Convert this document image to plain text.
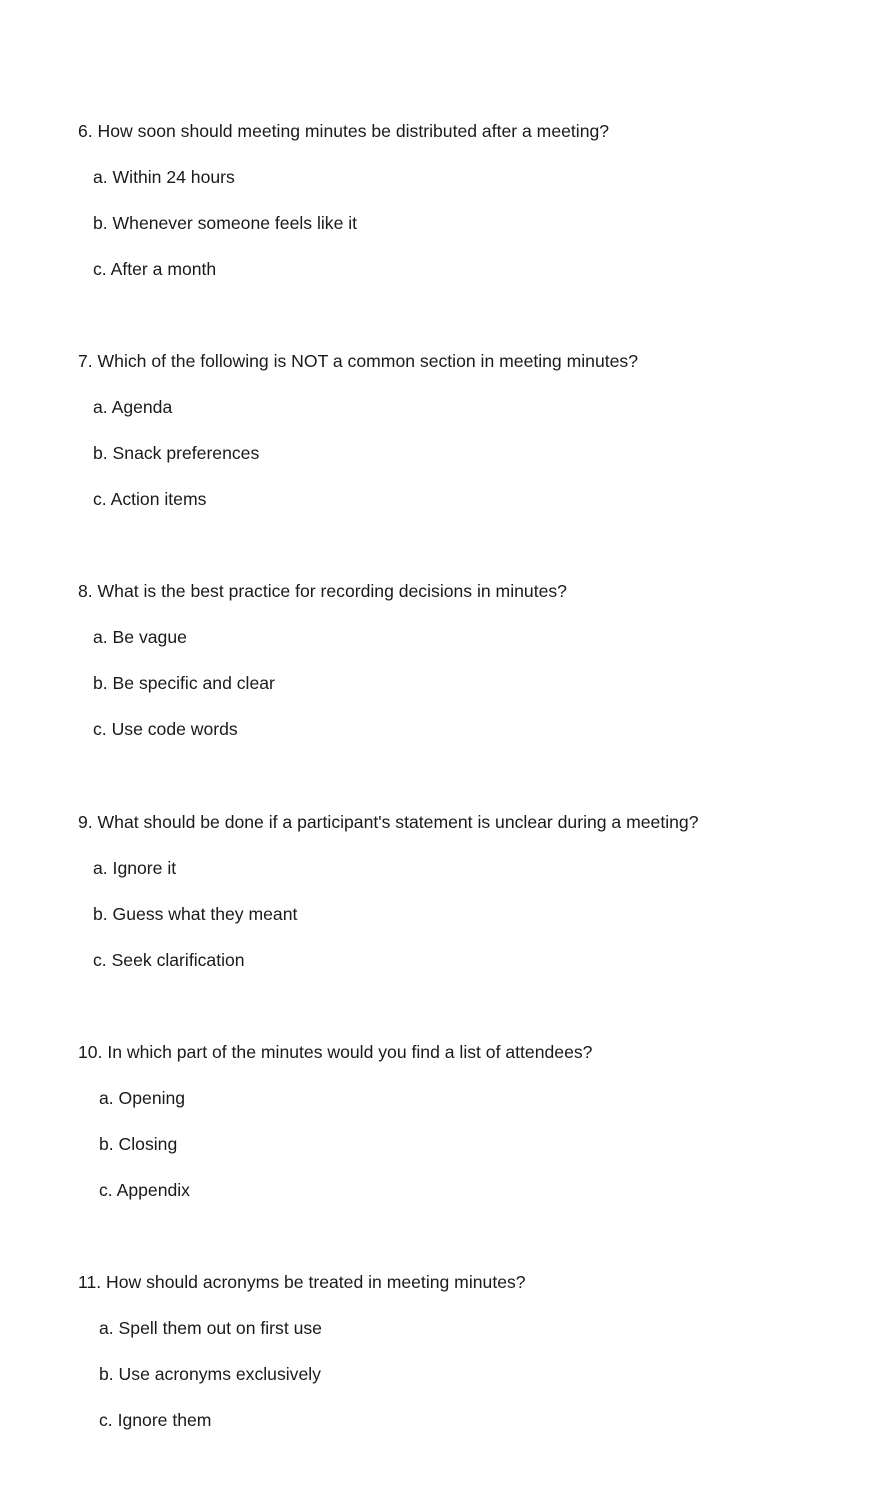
6. How soon should meeting minutes be distributed after a meeting?
a. Within 24 hours
b. Whenever someone feels like it
c. After a month
7. Which of the following is NOT a common section in meeting minutes?
a. Agenda
b. Snack preferences
c. Action items
8. What is the best practice for recording decisions in minutes?
a. Be vague
b. Be specific and clear
c. Use code words
9. What should be done if a participant's statement is unclear during a meeting?
a. Ignore it
b. Guess what they meant
c. Seek clarification
10. In which part of the minutes would you find a list of attendees?
a. Opening
b. Closing
c. Appendix
11. How should acronyms be treated in meeting minutes?
a. Spell them out on first use
b. Use acronyms exclusively
c. Ignore them
